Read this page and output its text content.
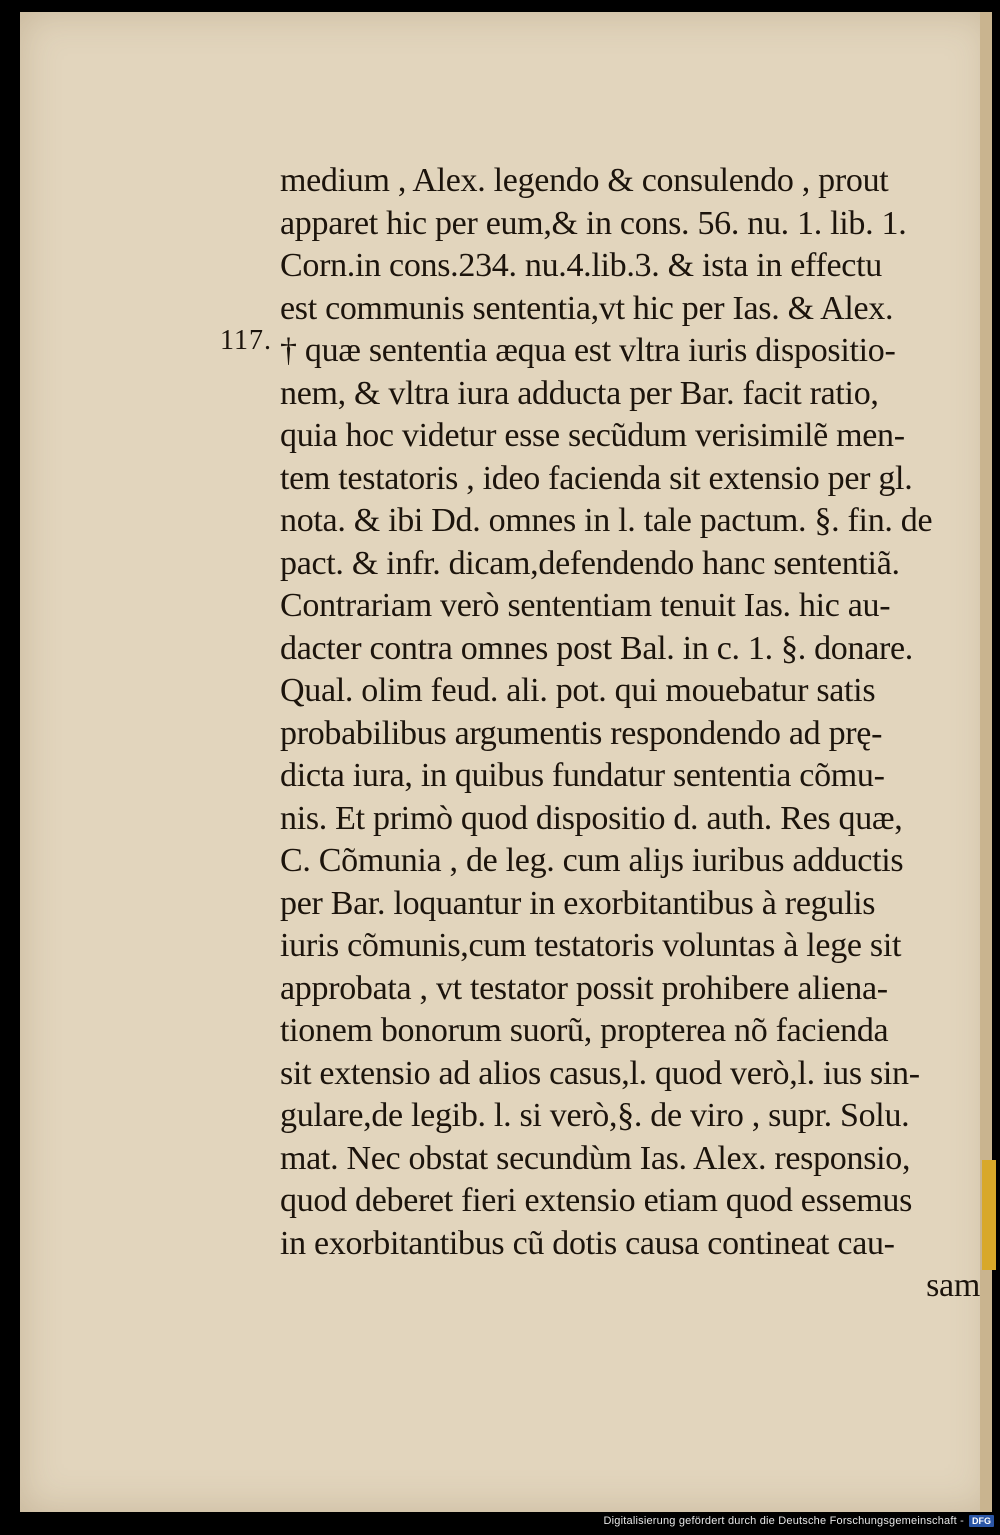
117.
medium , Alex. legendo & consulendo , prout
apparet hic per eum,& in cons. 56. nu. 1. lib. 1.
Corn.in cons.234. nu.4.lib.3. & ista in effectu
est communis sententia,vt hic per Ias. & Alex.
† quæ sententia æqua est vltra iuris dispositio-
nem, & vltra iura adducta per Bar. facit ratio,
quia hoc videtur esse secũdum verisimilẽ men-
tem testatoris , ideo facienda sit extensio per gl.
nota. & ibi Dd. omnes in l. tale pactum. §. fin. de
pact. & infr. dicam,defendendo hanc sententiã.
Contrariam verò sententiam tenuit Ias. hic au-
dacter contra omnes post Bal. in c. 1. §. donare.
Qual. olim feud. ali. pot. qui mouebatur satis
probabilibus argumentis respondendo ad prę-
dicta iura, in quibus fundatur sententia cõmu-
nis. Et primò quod dispositio d. auth. Res quæ,
C. Cõmunia , de leg. cum aliȷs iuribus adductis
per Bar. loquantur in exorbitantibus à regulis
iuris cõmunis,cum testatoris voluntas à lege sit
approbata , vt testator possit prohibere aliena-
tionem bonorum suorũ, propterea nõ facienda
sit extensio ad alios casus,l. quod verò,l. ius sin-
gulare,de legib. l. si verò,§. de viro , supr. Solu.
mat. Nec obstat secundùm Ias. Alex. responsio,
quod deberet fieri extensio etiam quod essemus
in exorbitantibus cũ dotis causa contineat cau-
sam
Digitalisierung gefördert durch die Deutsche Forschungsgemeinschaft - DFG
